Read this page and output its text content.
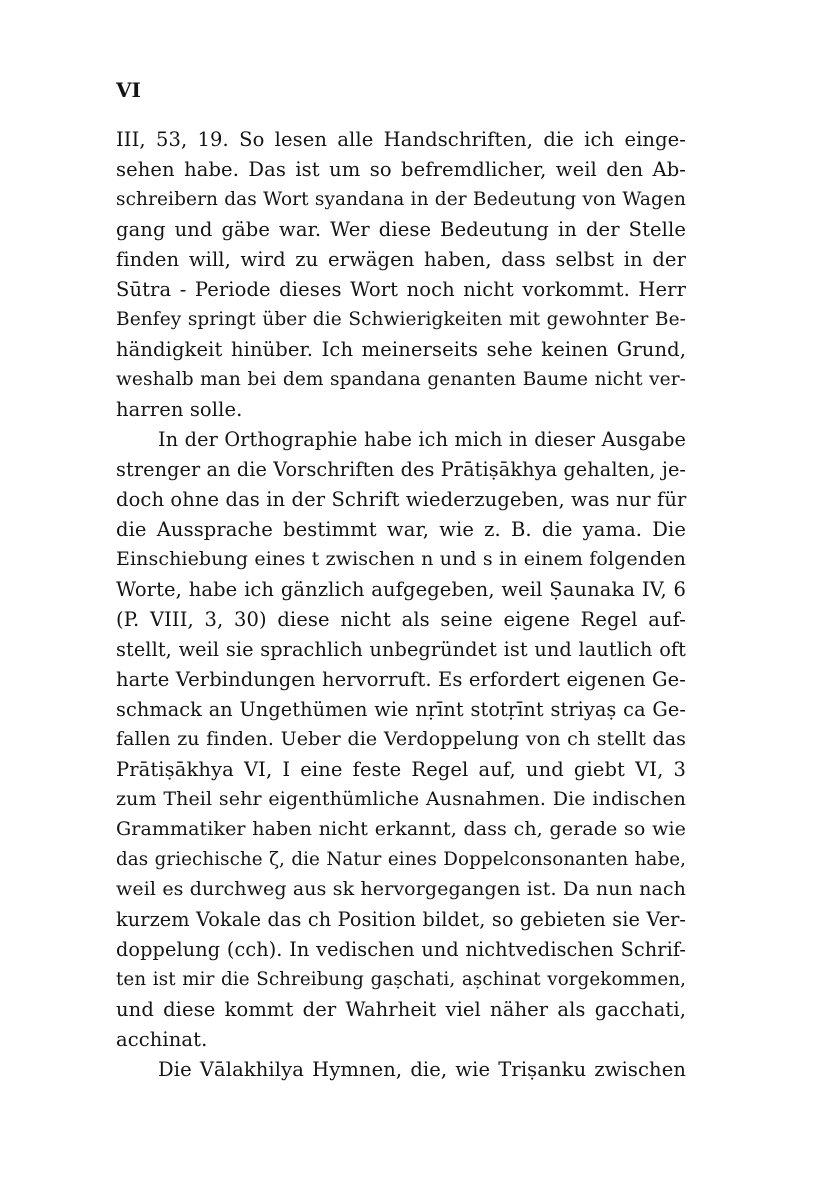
VI
III, 53, 19. So lesen alle Handschriften, die ich einge-
sehen habe. Das ist um so befremdlicher, weil den Ab-
schreibern das Wort syandana in der Bedeutung von Wagen
gang und gäbe war. Wer diese Bedeutung in der Stelle
finden will, wird zu erwägen haben, dass selbst in der
Sūtra - Periode dieses Wort noch nicht vorkommt. Herr
Benfey springt über die Schwierigkeiten mit gewohnter Be-
händigkeit hinüber. Ich meinerseits sehe keinen Grund,
weshalb man bei dem spandana genanten Baume nicht ver-
harren solle.
In der Orthographie habe ich mich in dieser Ausgabe
strenger an die Vorschriften des Prātiṣākhya gehalten, je-
doch ohne das in der Schrift wiederzugeben, was nur für
die Aussprache bestimmt war, wie z. B. die yama. Die
Einschiebung eines t zwischen n und s in einem folgenden
Worte, habe ich gänzlich aufgegeben, weil Ṣaunaka IV, 6
(P. VIII, 3, 30) diese nicht als seine eigene Regel auf-
stellt, weil sie sprachlich unbegründet ist und lautlich oft
harte Verbindungen hervorruft. Es erfordert eigenen Ge-
schmack an Ungethümen wie nṛīnt stotṛīnt striyaṣ ca Ge-
fallen zu finden. Ueber die Verdoppelung von ch stellt das
Prātiṣākhya VI, I eine feste Regel auf, und giebt VI, 3
zum Theil sehr eigenthümliche Ausnahmen. Die indischen
Grammatiker haben nicht erkannt, dass ch, gerade so wie
das griechische ζ, die Natur eines Doppelconsonanten habe,
weil es durchweg aus sk hervorgegangen ist. Da nun nach
kurzem Vokale das ch Position bildet, so gebieten sie Ver-
doppelung (cch). In vedischen und nichtvedischen Schrif-
ten ist mir die Schreibung gaṣchati, aṣchinat vorgekommen,
und diese kommt der Wahrheit viel näher als gacchati,
acchinat.
Die Vālakhilya Hymnen, die, wie Triṣanku zwischen
